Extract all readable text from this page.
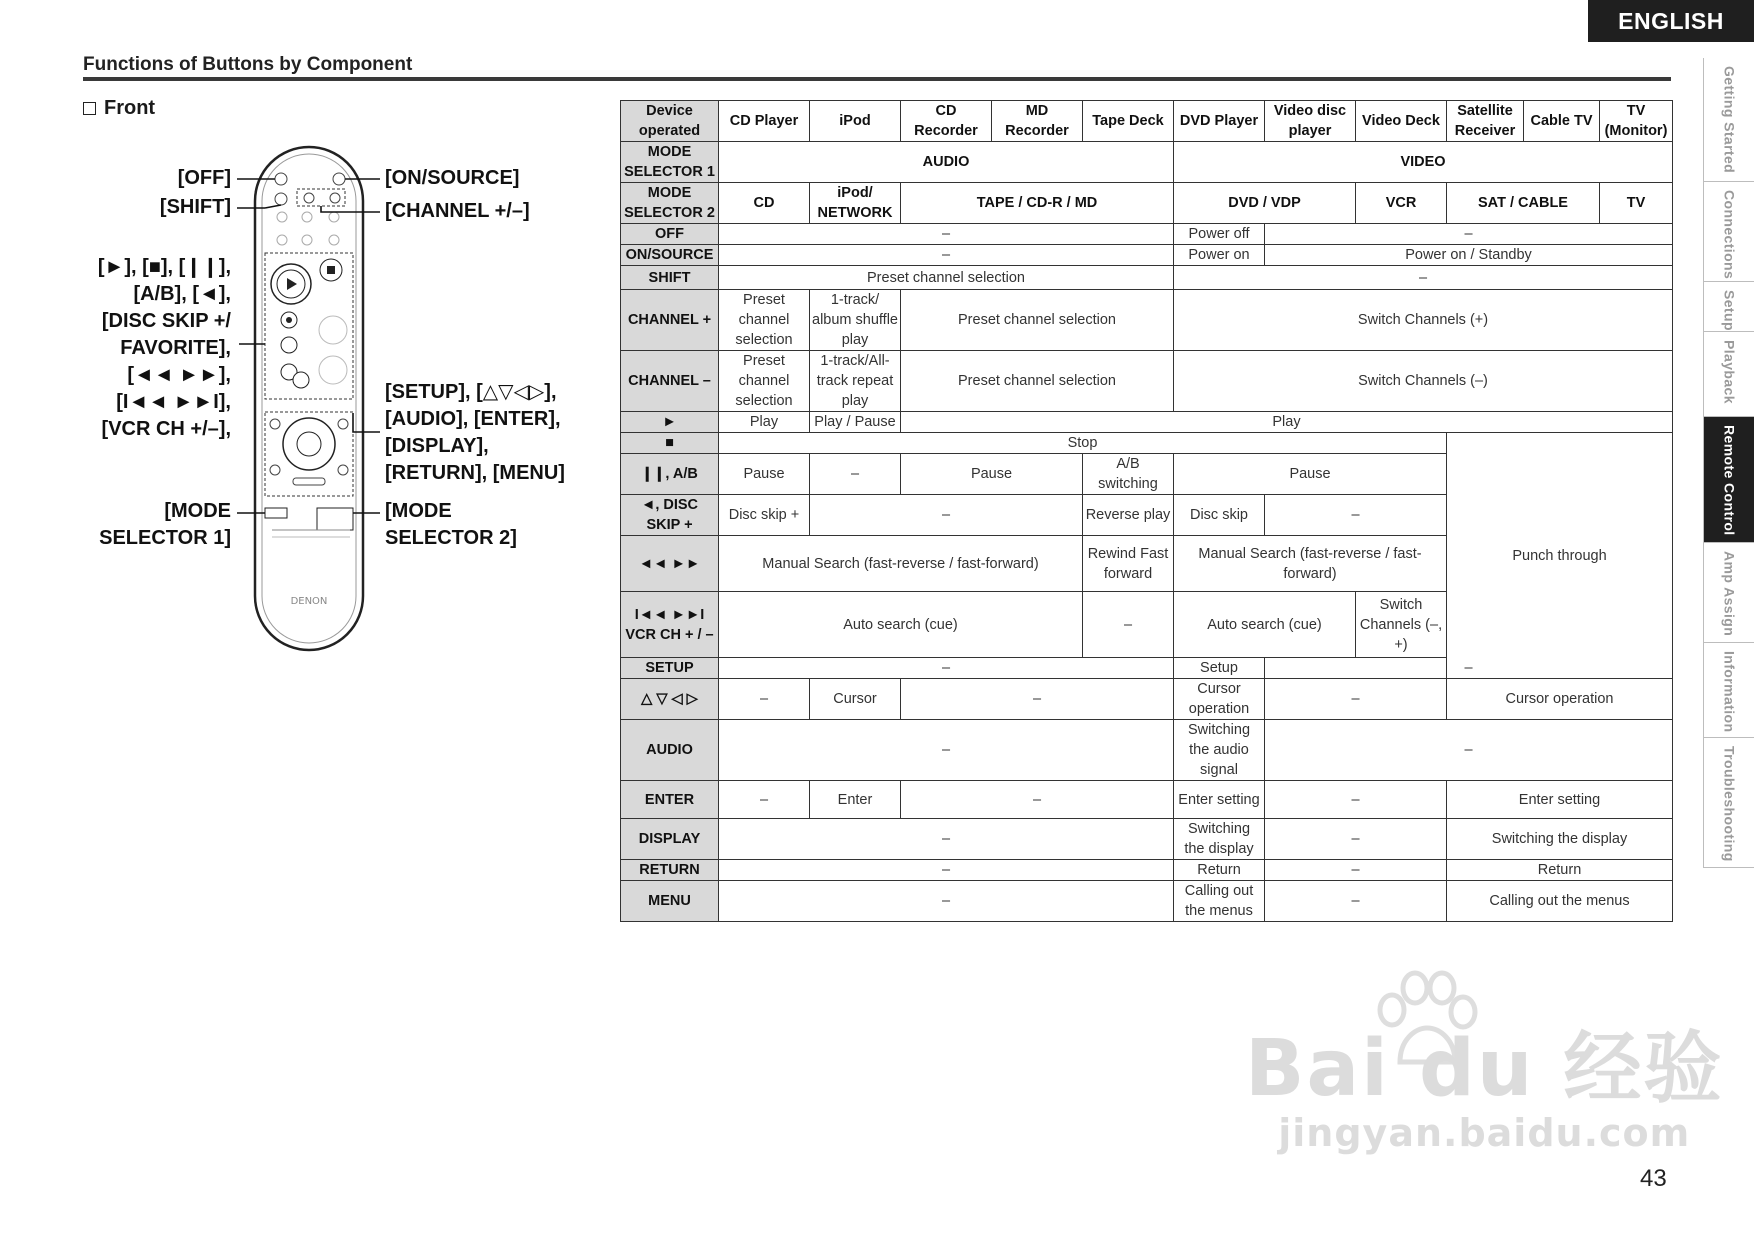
ENGLISH
Functions of Buttons by Component
Front	Getting Started
Connections
Setup
Playback
Remote Control
Amp Assign
Information
Troubleshooting
DENON
[OFF]
[SHIFT]
[►], [■], [❙❙],
[A/B], [◄],
[DISC SKIP +/
FAVORITE],
[◄◄ ►►],
[I◄◄ ►►I],
[VCR CH +/–],
[MODE
SELECTOR 1]
[ON/SOURCE]
[CHANNEL +/–]
[SETUP], [△▽◁▷],
[AUDIO], [ENTER],
[DISPLAY],
[RETURN], [MENU]
[MODE
SELECTOR 2]
Device operated	CD Player	iPod	CD Recorder	MD Recorder	Tape Deck	DVD Player	Video disc player	Video Deck	Satellite Receiver	Cable TV	TV (Monitor)
MODE SELECTOR 1	AUDIO					VIDEO					
MODE SELECTOR 2	CD	iPod/ NETWORK	TAPE / CD-R / MD			DVD / VDP		VCR	SAT / CABLE		TV
OFF	–					Power off	–				
ON/SOURCE	–					Power on	Power on / Standby				
SHIFT	Preset channel selection					–					
CHANNEL +	Preset channel selection	1-track/ album shuffle play	Preset channel selection			Switch Channels (+)					
CHANNEL –	Preset channel selection	1-track/All- track repeat play	Preset channel selection			Switch Channels (–)					
►	Play	Play / Pause	Play								
■	Stop								Punch through		
❙❙, A/B	Pause	–	Pause		A/B switching	Pause					
◄, DISC SKIP +	Disc skip +	–			Reverse play	Disc skip	–				
◄◄ ►►	Manual Search (fast-reverse / fast-forward)				Rewind Fast forward	Manual Search (fast-reverse / fast-forward)					
I◄◄ ►►I VCR CH + / –	Auto search (cue)				–	Auto search (cue)		Switch Channels (–, +)			
SETUP	–					Setup	–				
△ ▽ ◁ ▷	–	Cursor	–			Cursor operation	–		Cursor operation		
AUDIO	–					Switching the audio signal	–				
ENTER	–	Enter	–			Enter setting	–		Enter setting		
DISPLAY	–					Switching the display	–		Switching the display		
RETURN	–					Return	–		Return		
MENU	–					Calling out the menus	–		Calling out the menus		
Bai du 经验
jingyan.baidu.com
43
